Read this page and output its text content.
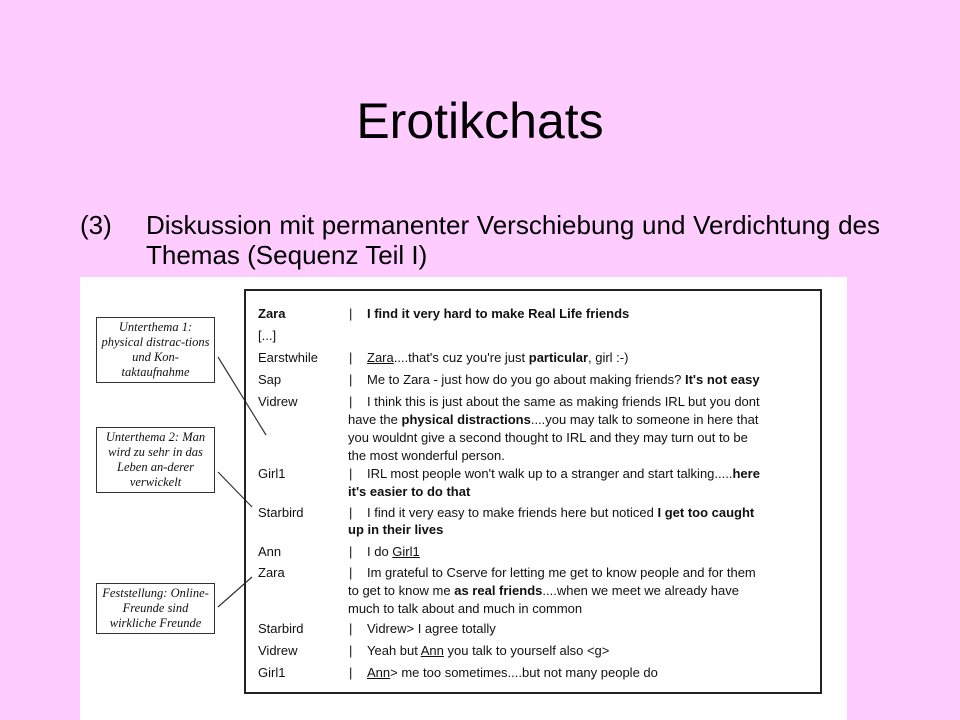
Erotikchats
(3) Diskussion mit permanenter Verschiebung und Verdichtung des Themas (Sequenz Teil I)
Unterthema 1: physical distrac-tions und Kon-taktaufnahme
Unterthema 2: Man wird zu sehr in das Leben an-derer verwickelt
Feststellung: Online-Freunde sind wirkliche Freunde
Zara	| I find it very hard to make Real Life friends
[...]
Earstwhile | Zara....that's cuz you're just particular, girl :-)
Sap	| Me to Zara - just how do you go about making friends? It's not easy
Vidrew	| I think this is just about the same as making friends IRL but you dont
have the physical distractions....you may talk to someone in here that
you wouldnt give a second thought to IRL and they may turn out to be
the most wonderful person.
Girl1	| IRL most people won't walk up to a stranger and start talking.....here
it's easier to do that
Starbird	| I find it very easy to make friends here but noticed I get too caught
up in their lives
Ann	| I do Girl1
Zara	| Im grateful to Cserve for letting me get to know people and for them
to get to know me as real friends....when we meet we already have
much to talk about and much in common
Starbird	| Vidrew> I agree totally
Vidrew	| Yeah but Ann you talk to yourself also <g>
Girl1	| Ann> me too sometimes....but not many people do
